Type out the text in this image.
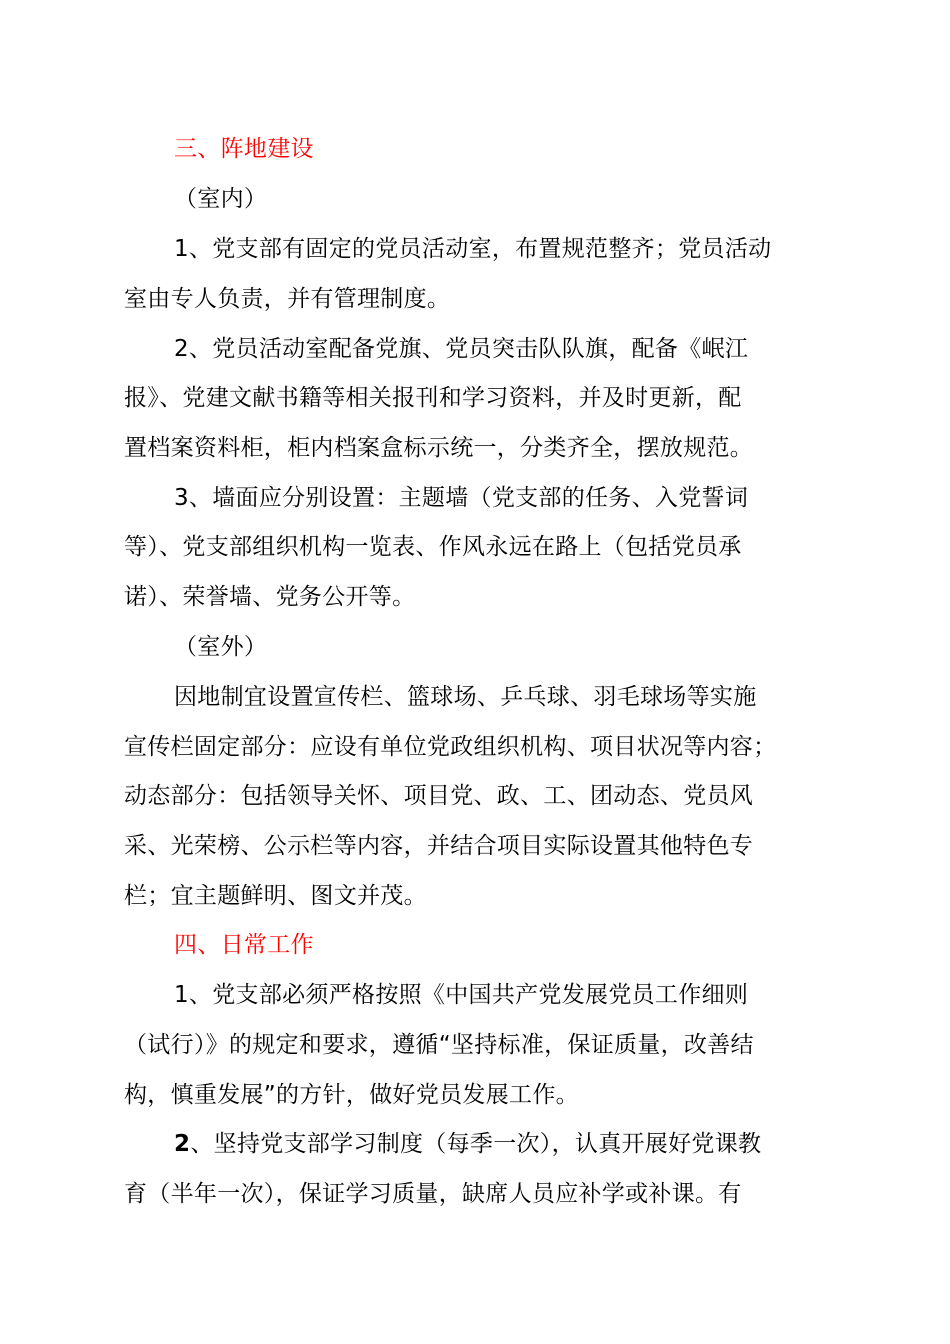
三、阵地建设
（室内）
1、党支部有固定的党员活动室，布置规范整齐；党员活动
室由专人负责，并有管理制度。
2、党员活动室配备党旗、党员突击队队旗，配备《岷江
报》、党建文献书籍等相关报刊和学习资料，并及时更新，配
置档案资料柜，柜内档案盒标示统一，分类齐全，摆放规范。
3、墙面应分别设置：主题墙（党支部的任务、入党誓词
等）、党支部组织机构一览表、作风永远在路上（包括党员承
诺）、荣誉墙、党务公开等。
（室外）
因地制宜设置宣传栏、篮球场、乒乓球、羽毛球场等实施
宣传栏固定部分：应设有单位党政组织机构、项目状况等内容；
动态部分：包括领导关怀、项目党、政、工、团动态、党员风
采、光荣榜、公示栏等内容，并结合项目实际设置其他特色专
栏；宜主题鲜明、图文并茂。
四、日常工作
1、党支部必须严格按照《中国共产党发展党员工作细则
（试行）》的规定和要求，遵循“坚持标准，保证质量，改善结
构，慎重发展”的方针，做好党员发展工作。
2、坚持党支部学习制度（每季一次），认真开展好党课教
育（半年一次），保证学习质量，缺席人员应补学或补课。有
